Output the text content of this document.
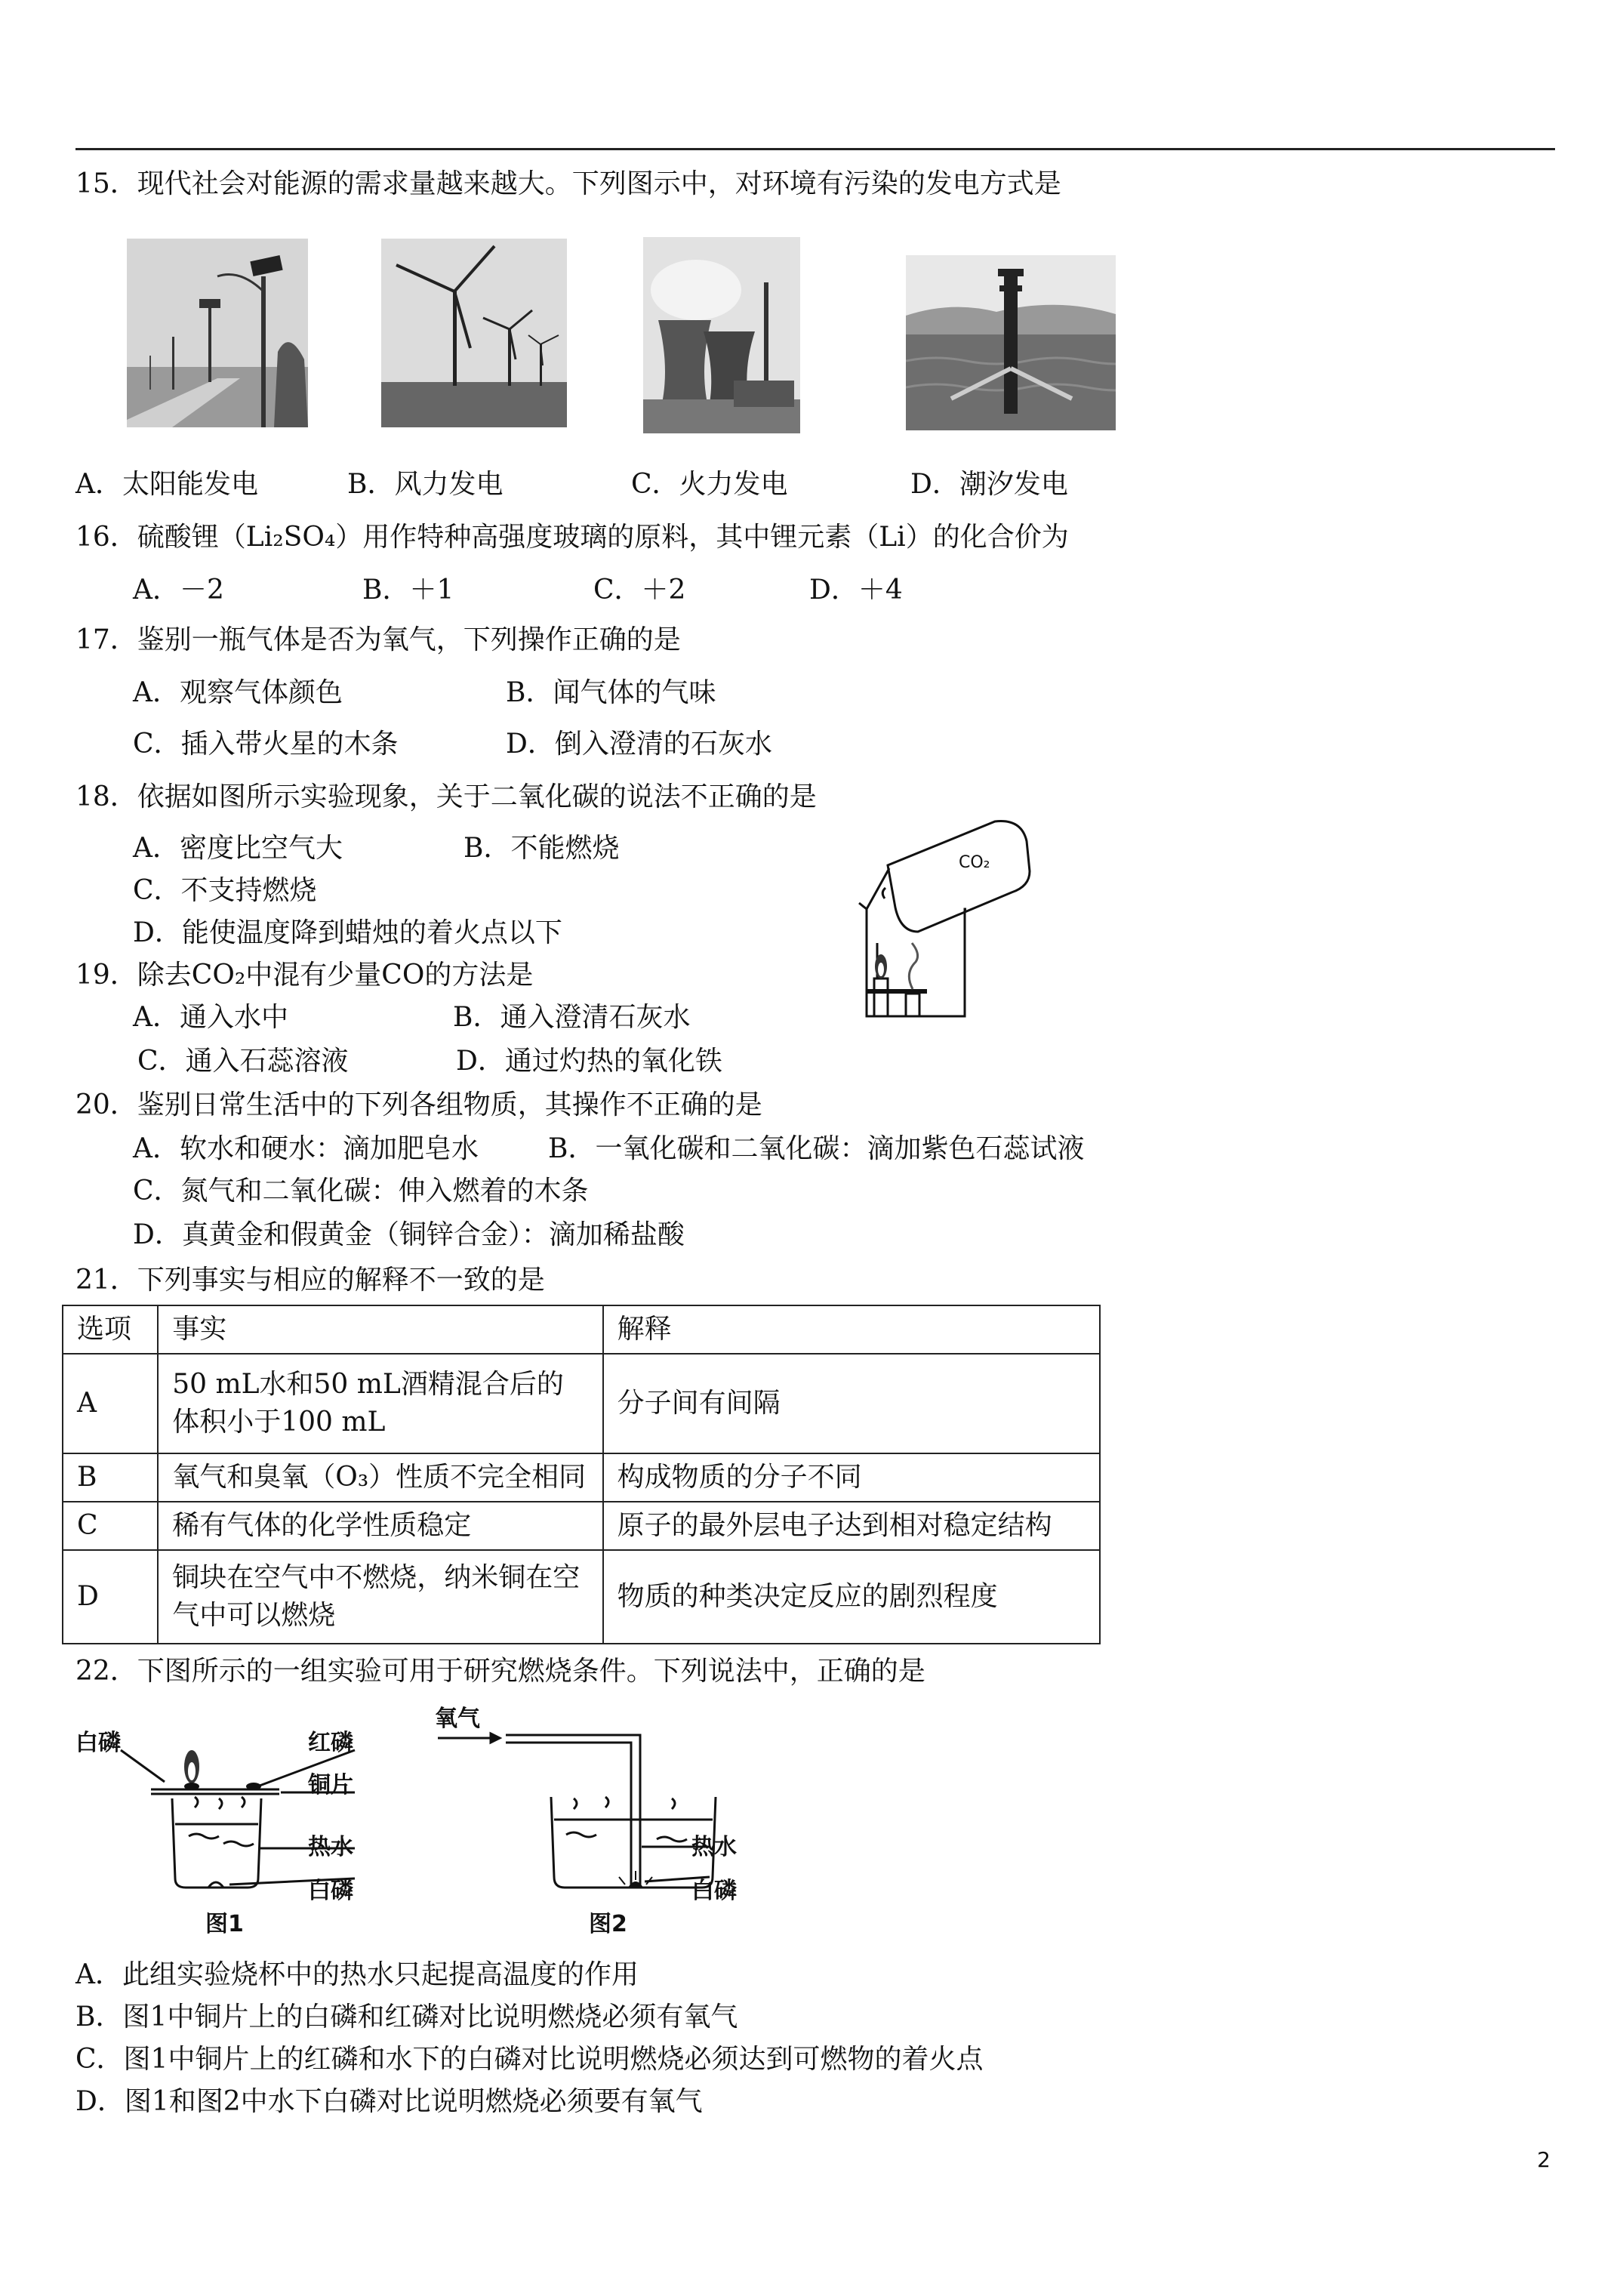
15．现代社会对能源的需求量越来越大。下列图示中，对环境有污染的发电方式是
A．太阳能发电	B．风力发电	C．火力发电	D．潮汐发电
16．硫酸锂（Li₂SO₄）用作特种高强度玻璃的原料，其中锂元素（Li）的化合价为
A．－2	B．＋1	C．＋2	D．＋4
17．鉴别一瓶气体是否为氧气，下列操作正确的是
A．观察气体颜色	B．闻气体的气味
C．插入带火星的木条	D．倒入澄清的石灰水
18．依据如图所示实验现象，关于二氧化碳的说法不正确的是
A．密度比空气大	B．不能燃烧
C．不支持燃烧
D．能使温度降到蜡烛的着火点以下
CO₂
19．除去CO₂中混有少量CO的方法是
A．通入水中	B．通入澄清石灰水
C．通入石蕊溶液	D．通过灼热的氧化铁
20．鉴别日常生活中的下列各组物质，其操作不正确的是
A．软水和硬水：滴加肥皂水	B．一氧化碳和二氧化碳：滴加紫色石蕊试液
C．氮气和二氧化碳：伸入燃着的木条
D．真黄金和假黄金（铜锌合金）：滴加稀盐酸
21．下列事实与相应的解释不一致的是
选项	事实	解释
A	50 mL水和50 mL酒精混合后的体积小于100 mL	分子间有间隔
B	氧气和臭氧（O₃）性质不完全相同	构成物质的分子不同
C	稀有气体的化学性质稳定	原子的最外层电子达到相对稳定结构
D	铜块在空气中不燃烧，纳米铜在空气中可以燃烧	物质的种类决定反应的剧烈程度
22．下图所示的一组实验可用于研究燃烧条件。下列说法中，正确的是
白磷	红磷
铜片
热水
白磷
图1
氧气
热水
白磷
图2
A．此组实验烧杯中的热水只起提高温度的作用
B．图1中铜片上的白磷和红磷对比说明燃烧必须有氧气
C．图1中铜片上的红磷和水下的白磷对比说明燃烧必须达到可燃物的着火点
D．图1和图2中水下白磷对比说明燃烧必须要有氧气
2
